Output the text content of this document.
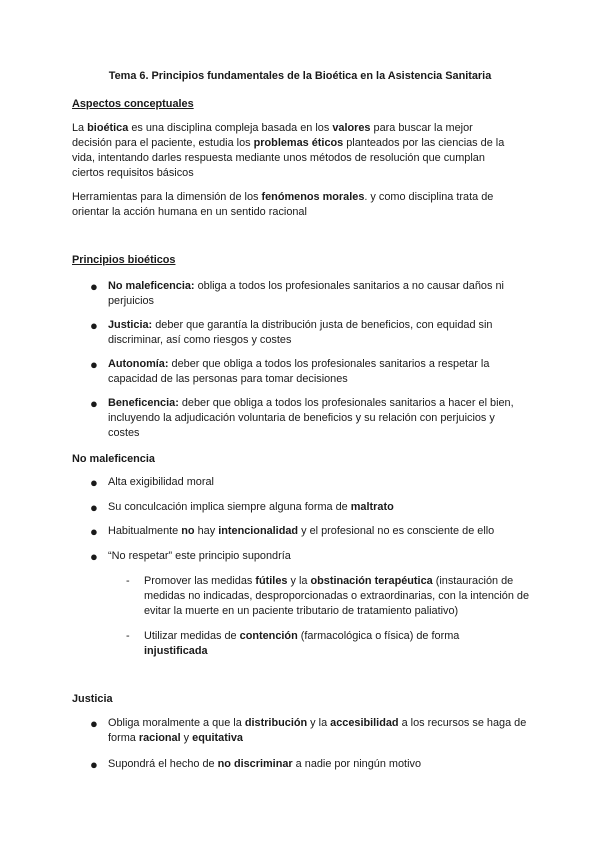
Tema 6. Principios fundamentales de la Bioética en la Asistencia Sanitaria
Aspectos conceptuales
La bioética es una disciplina compleja basada en los valores para buscar la mejor decisión para el paciente, estudia los problemas éticos planteados por las ciencias de la vida, intentando darles respuesta mediante unos métodos de resolución que cumplan ciertos requisitos básicos
Herramientas para la dimensión de los fenómenos morales. y como disciplina trata de orientar la acción humana en un sentido racional
Principios bioéticos
● No maleficencia: obliga a todos los profesionales sanitarios a no causar daños ni perjuicios
● Justicia: deber que garantía la distribución justa de beneficios, con equidad sin discriminar, así como riesgos y costes
● Autonomía: deber que obliga a todos los profesionales sanitarios a respetar la capacidad de las personas para tomar decisiones
● Beneficencia: deber que obliga a todos los profesionales sanitarios a hacer el bien, incluyendo la adjudicación voluntaria de beneficios y su relación con perjuicios y costes
No maleficencia
● Alta exigibilidad moral
● Su conculcación implica siempre alguna forma de maltrato
● Habitualmente no hay intencionalidad y el profesional no es consciente de ello
● “No respetar” este principio supondría
- Promover las medidas fútiles y la obstinación terapéutica (instauración de medidas no indicadas, desproporcionadas o extraordinarias, con la intención de evitar la muerte en un paciente tributario de tratamiento paliativo)
- Utilizar medidas de contención (farmacológica o física) de forma injustificada
Justicia
● Obliga moralmente a que la distribución y la accesibilidad a los recursos se haga de forma racional y equitativa
● Supondrá el hecho de no discriminar a nadie por ningún motivo
